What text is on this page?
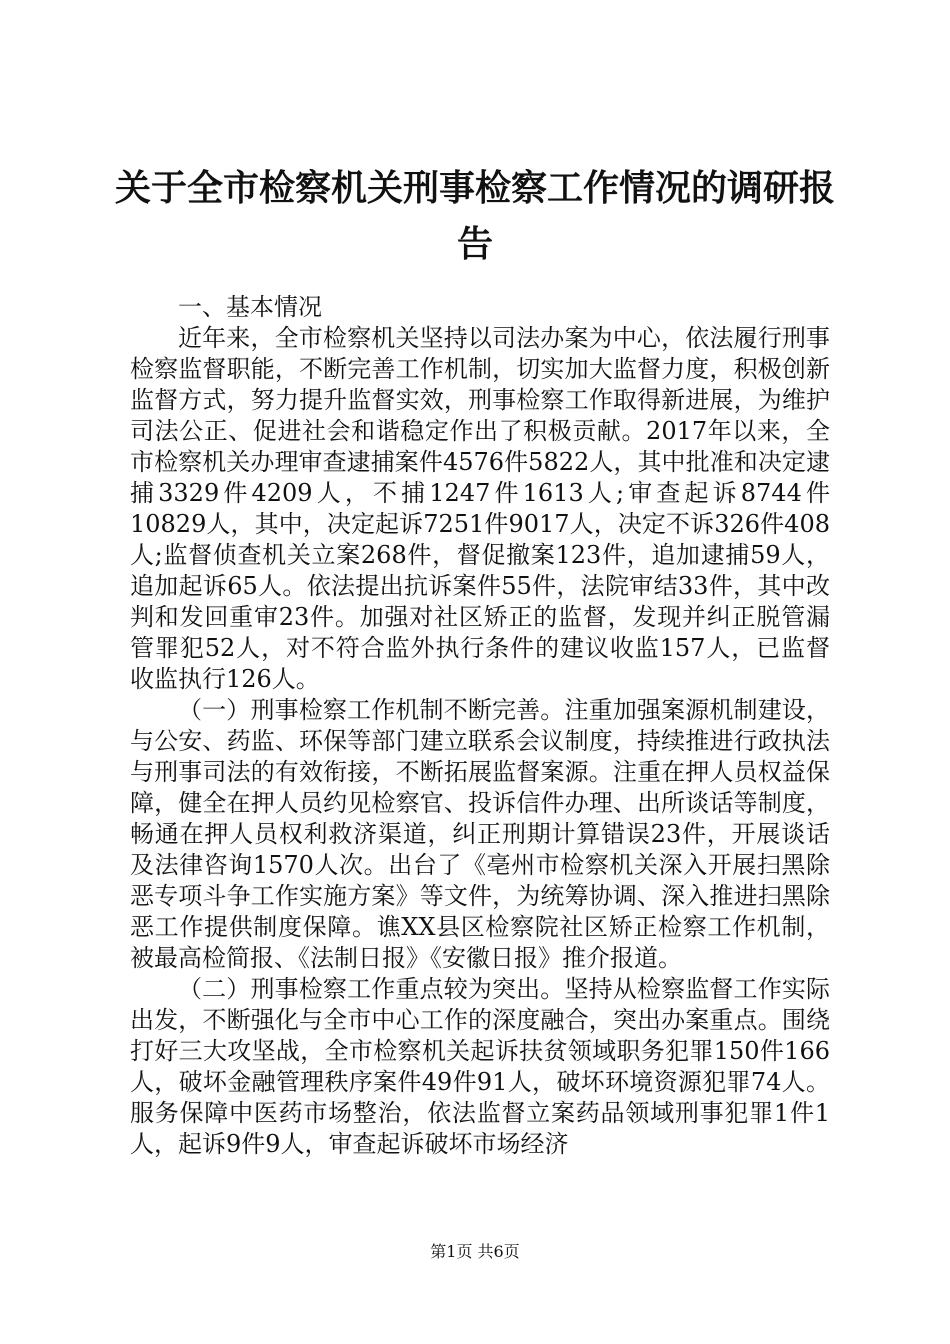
关于全市检察机关刑事检察工作情况的调研报告

一、基本情况

近年来，全市检察机关坚持以司法办案为中心，依法履行刑事检察监督职能，不断完善工作机制，切实加大监督力度，积极创新监督方式，努力提升监督实效，刑事检察工作取得新进展，为维护司法公正、促进社会和谐稳定作出了积极贡献。2017年以来，全市检察机关办理审查逮捕案件4576件5822人，其中批准和决定逮捕3329件4209人，不捕1247件1613人;审查起诉8744件10829人，其中，决定起诉7251件9017人，决定不诉326件408人;监督侦查机关立案268件，督促撤案123件，追加逮捕59人，追加起诉65人。依法提出抗诉案件55件，法院审结33件，其中改判和发回重审23件。加强对社区矫正的监督，发现并纠正脱管漏管罪犯52人，对不符合监外执行条件的建议收监157人，已监督收监执行126人。

（一）刑事检察工作机制不断完善。注重加强案源机制建设，与公安、药监、环保等部门建立联系会议制度，持续推进行政执法与刑事司法的有效衔接，不断拓展监督案源。注重在押人员权益保障，健全在押人员约见检察官、投诉信件办理、出所谈话等制度，畅通在押人员权利救济渠道，纠正刑期计算错误23件，开展谈话及法律咨询1570人次。出台了《亳州市检察机关深入开展扫黑除恶专项斗争工作实施方案》等文件，为统筹协调、深入推进扫黑除恶工作提供制度保障。谯XX县区检察院社区矫正检察工作机制，被最高检简报、《法制日报》《安徽日报》推介报道。

（二）刑事检察工作重点较为突出。坚持从检察监督工作实际出发，不断强化与全市中心工作的深度融合，突出办案重点。围绕打好三大攻坚战，全市检察机关起诉扶贫领域职务犯罪150件166人，破坏金融管理秩序案件49件91人，破坏环境资源犯罪74人。服务保障中医药市场整治，依法监督立案药品领域刑事犯罪1件1人，起诉9件9人，审查起诉破坏市场经济

第1页 共6页
